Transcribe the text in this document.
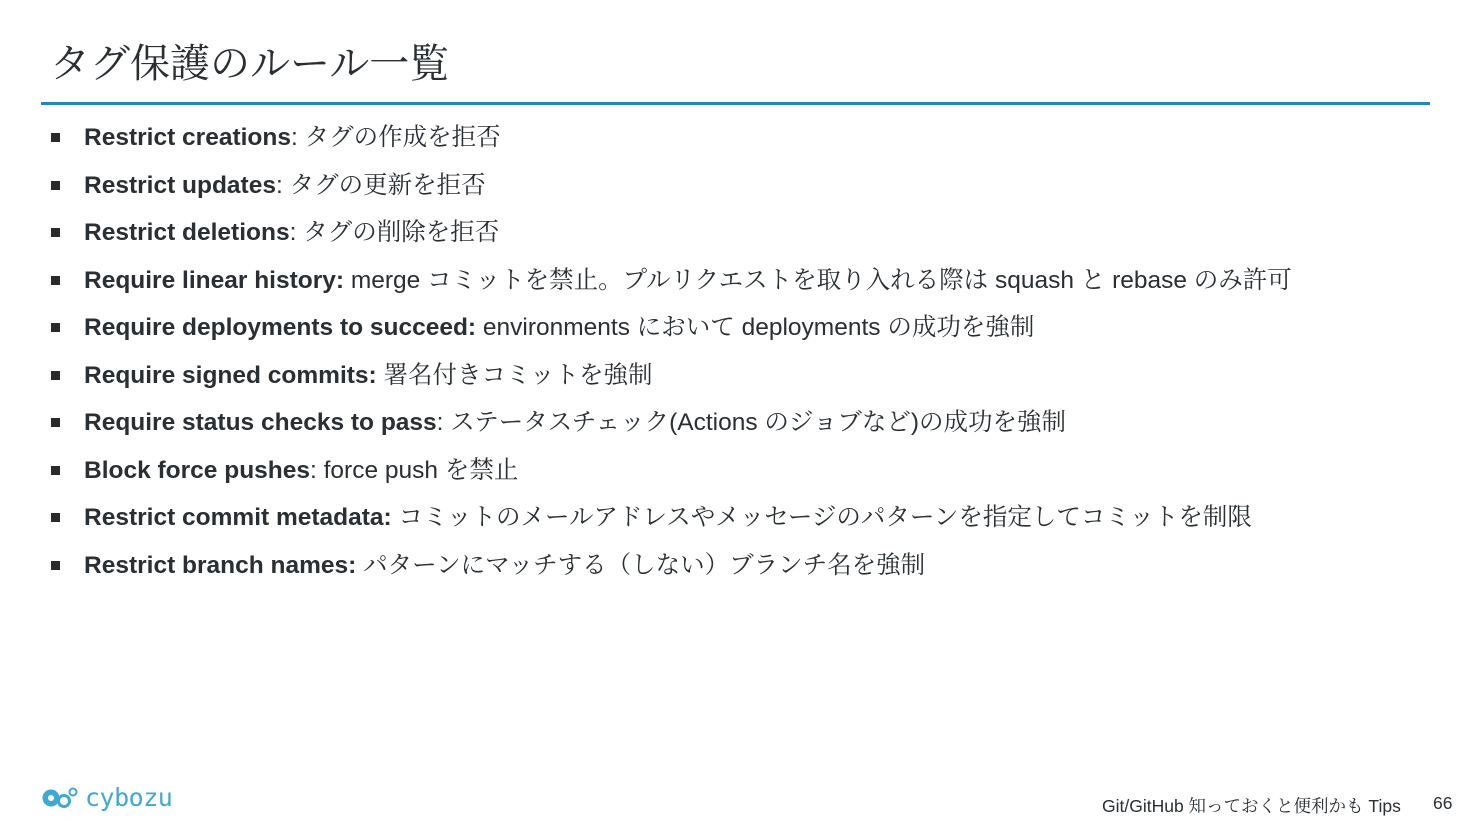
タグ保護のルール一覧
Restrict creations: タグの作成を拒否
Restrict updates: タグの更新を拒否
Restrict deletions: タグの削除を拒否
Require linear history: merge コミットを禁止。プルリクエストを取り入れる際は squash と rebase のみ許可
Require deployments to succeed: environments において deployments の成功を強制
Require signed commits: 署名付きコミットを強制
Require status checks to pass: ステータスチェック(Actions のジョブなど)の成功を強制
Block force pushes: force push を禁止
Restrict commit metadata: コミットのメールアドレスやメッセージのパターンを指定してコミットを制限
Restrict branch names: パターンにマッチする（しない）ブランチ名を強制
cybozu	Git/GitHub 知っておくと便利かも Tips 66
